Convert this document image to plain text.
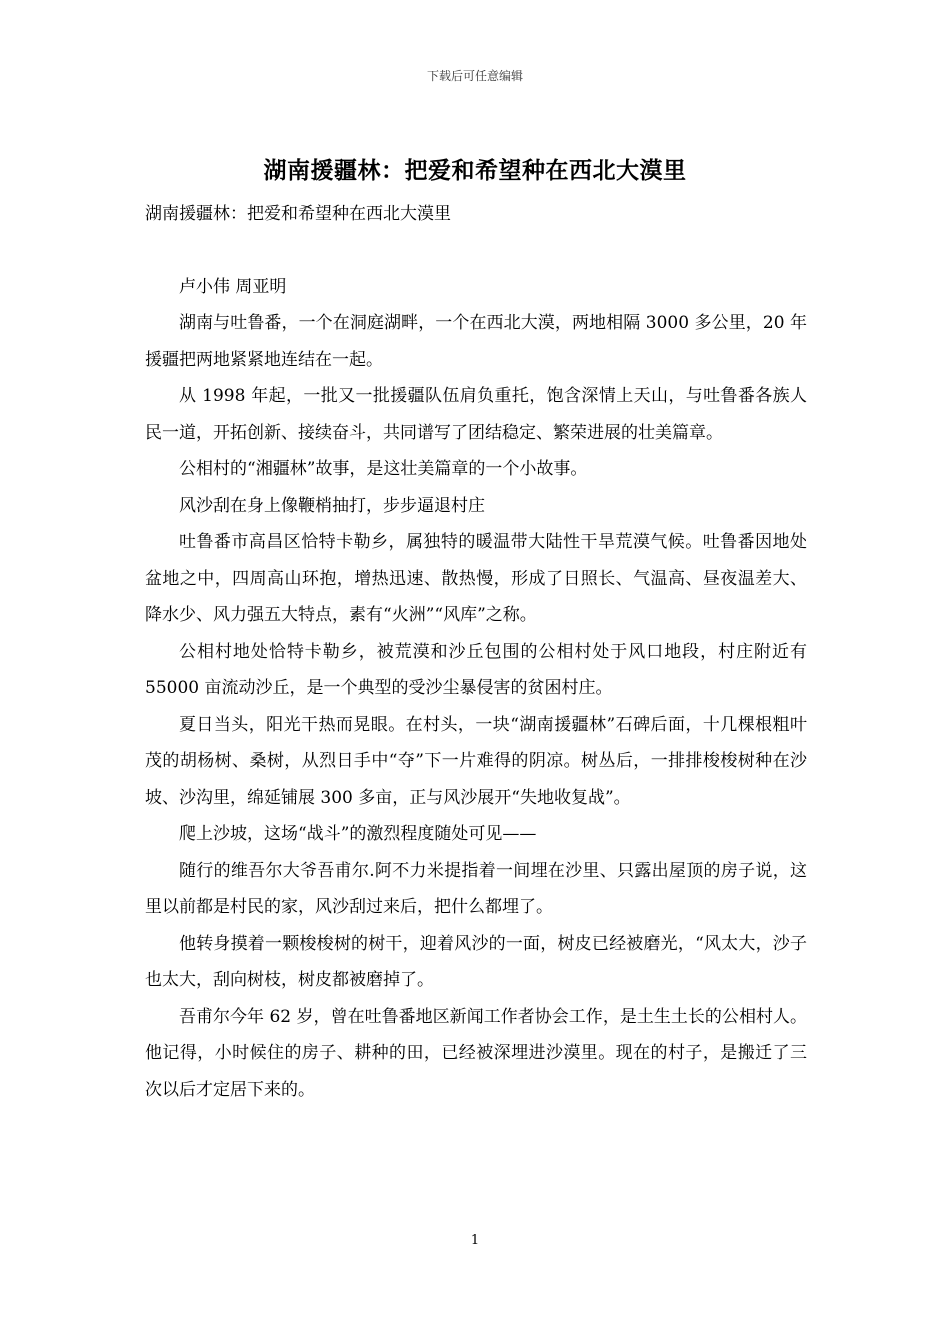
下载后可任意编辑
湖南援疆林：把爱和希望种在西北大漠里

湖南援疆林：把爱和希望种在西北大漠里

卢小伟 周亚明

湖南与吐鲁番，一个在洞庭湖畔，一个在西北大漠，两地相隔 3000 多公里，20 年援疆把两地紧紧地连结在一起。

从 1998 年起，一批又一批援疆队伍肩负重托，饱含深情上天山，与吐鲁番各族人民一道，开拓创新、接续奋斗，共同谱写了团结稳定、繁荣进展的壮美篇章。

公相村的“湘疆林”故事，是这壮美篇章的一个小故事。

风沙刮在身上像鞭梢抽打，步步逼退村庄

吐鲁番市高昌区恰特卡勒乡，属独特的暖温带大陆性干旱荒漠气候。吐鲁番因地处盆地之中，四周高山环抱，增热迅速、散热慢，形成了日照长、气温高、昼夜温差大、降水少、风力强五大特点，素有“火洲”“风库”之称。

公相村地处恰特卡勒乡，被荒漠和沙丘包围的公相村处于风口地段，村庄附近有 55000 亩流动沙丘，是一个典型的受沙尘暴侵害的贫困村庄。

夏日当头，阳光干热而晃眼。在村头，一块“湖南援疆林”石碑后面，十几棵根粗叶茂的胡杨树、桑树，从烈日手中“夺”下一片难得的阴凉。树丛后，一排排梭梭树种在沙坡、沙沟里，绵延铺展 300 多亩，正与风沙展开“失地收复战”。

爬上沙坡，这场“战斗”的激烈程度随处可见——

随行的维吾尔大爷吾甫尔.阿不力米提指着一间埋在沙里、只露出屋顶的房子说，这里以前都是村民的家，风沙刮过来后，把什么都埋了。

他转身摸着一颗梭梭树的树干，迎着风沙的一面，树皮已经被磨光，“风太大，沙子也太大，刮向树枝，树皮都被磨掉了。

吾甫尔今年 62 岁，曾在吐鲁番地区新闻工作者协会工作，是土生土长的公相村人。他记得，小时候住的房子、耕种的田，已经被深埋进沙漠里。现在的村子，是搬迁了三次以后才定居下来的。

1
